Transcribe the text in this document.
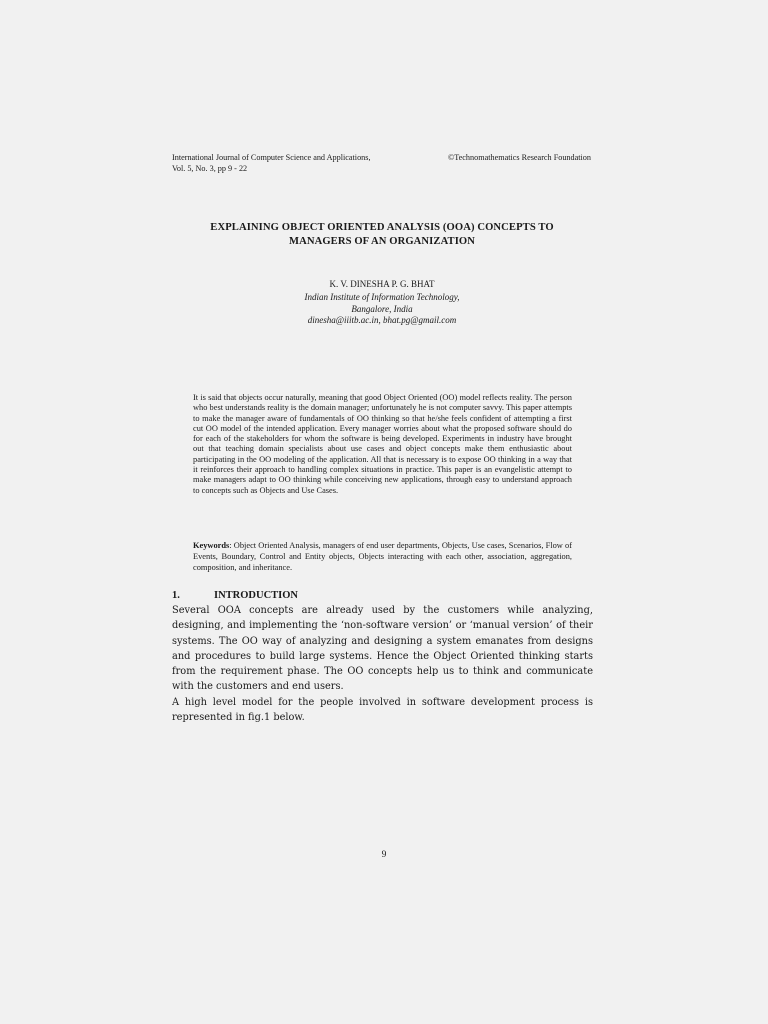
International Journal of Computer Science and Applications,
Vol. 5, No. 3, pp 9 - 22
©Technomathematics Research Foundation
EXPLAINING OBJECT ORIENTED ANALYSIS (OOA) CONCEPTS TO
MANAGERS OF AN ORGANIZATION
K. V. DINESHA P. G. BHAT
Indian Institute of Information Technology,
Bangalore, India
dinesha@iiitb.ac.in, bhat.pg@gmail.com
It is said that objects occur naturally, meaning that good Object Oriented (OO) model reflects reality. The person who best understands reality is the domain manager; unfortunately he is not computer savvy. This paper attempts to make the manager aware of fundamentals of OO thinking so that he/she feels confident of attempting a first cut OO model of the intended application. Every manager worries about what the proposed software should do for each of the stakeholders for whom the software is being developed. Experiments in industry have brought out that teaching domain specialists about use cases and object concepts make them enthusiastic about participating in the OO modeling of the application. All that is necessary is to expose OO thinking in a way that it reinforces their approach to handling complex situations in practice. This paper is an evangelistic attempt to make managers adapt to OO thinking while conceiving new applications, through easy to understand approach to concepts such as Objects and Use Cases.
Keywords: Object Oriented Analysis, managers of end user departments, Objects, Use cases, Scenarios, Flow of Events, Boundary, Control and Entity objects, Objects interacting with each other, association, aggregation, composition, and inheritance.
1.	INTRODUCTION

Several OOA concepts are already used by the customers while analyzing, designing, and implementing the ‘non-software version’ or ‘manual version’ of their systems. The OO way of analyzing and designing a system emanates from designs and procedures to build large systems. Hence the Object Oriented thinking starts from the requirement phase. The OO concepts help us to think and communicate with the customers and end users.

A high level model for the people involved in software development process is represented in fig.1 below.

9
